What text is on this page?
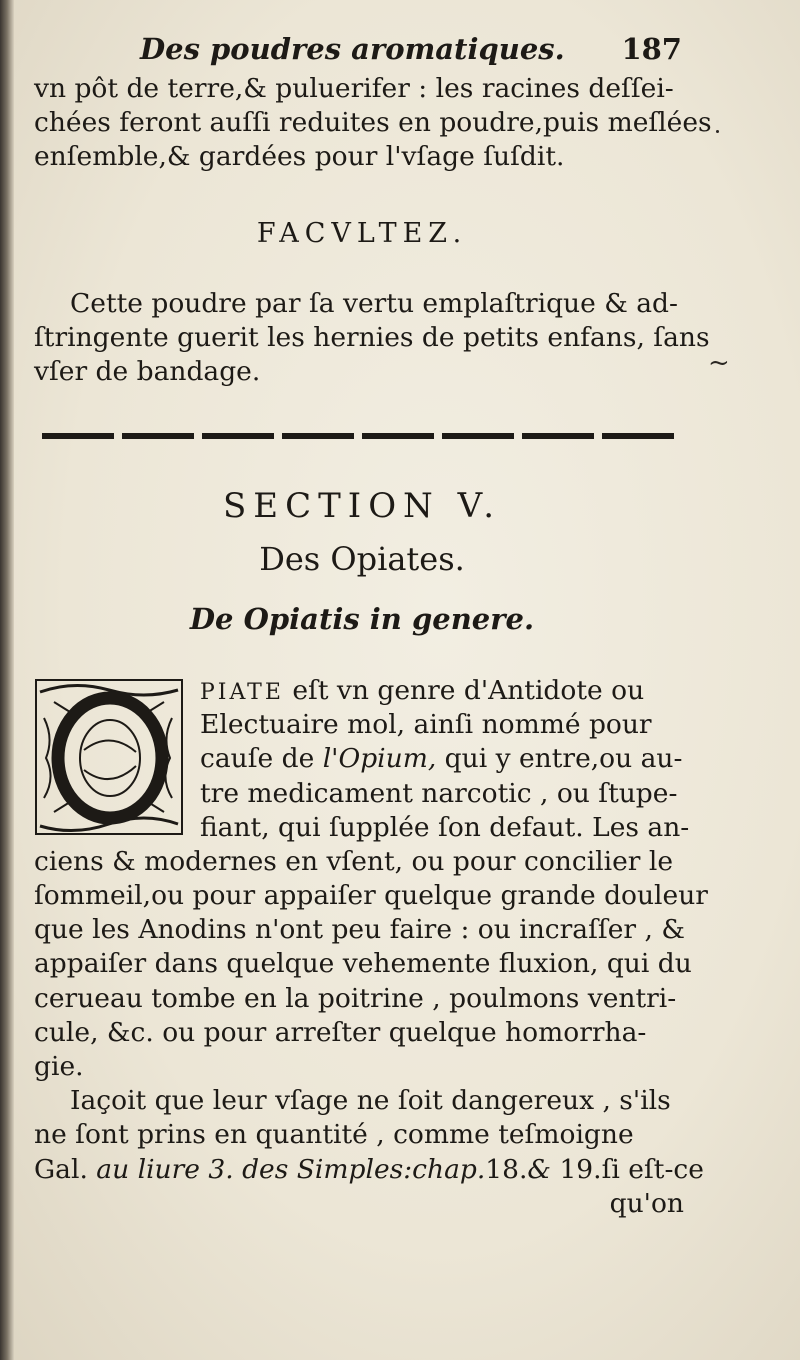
~
Des poudres aromatiques. 187
vn pôt de terre,& puluerifer : les racines deſſei-
chées feront auſſi reduites en poudre,puis meſlées
enſemble,& gardées pour l'vſage ſuſdit.
FACVLTEZ.
Cette poudre par ſa vertu emplaſtrique & ad-
ſtringente guerit les hernies de petits enfans, ſans
vſer de bandage.
SECTION V.
Des Opiates.
De Opiatis in genere.
PIATE eſt vn genre d'Antidote ou
Electuaire mol, ainſi nommé pour
cauſe de l'Opium, qui y entre,ou au-
tre medicament narcotic , ou ſtupe-
fiant, qui ſupplée ſon defaut. Les an-
ciens & modernes en vſent, ou pour concilier le
ſommeil,ou pour appaiſer quelque grande douleur
que les Anodins n'ont peu faire : ou incraſſer , &
appaiſer dans quelque vehemente fluxion, qui du
cerueau tombe en la poitrine , poulmons ventri-
cule, &c. ou pour arreſter quelque homorrha-
gie.
Iaçoit que leur vſage ne ſoit dangereux , s'ils
ne ſont prins en quantité , comme teſmoigne
Gal. au liure 3. des Simples:chap.18.& 19.ſi eſt-ce
qu'on
